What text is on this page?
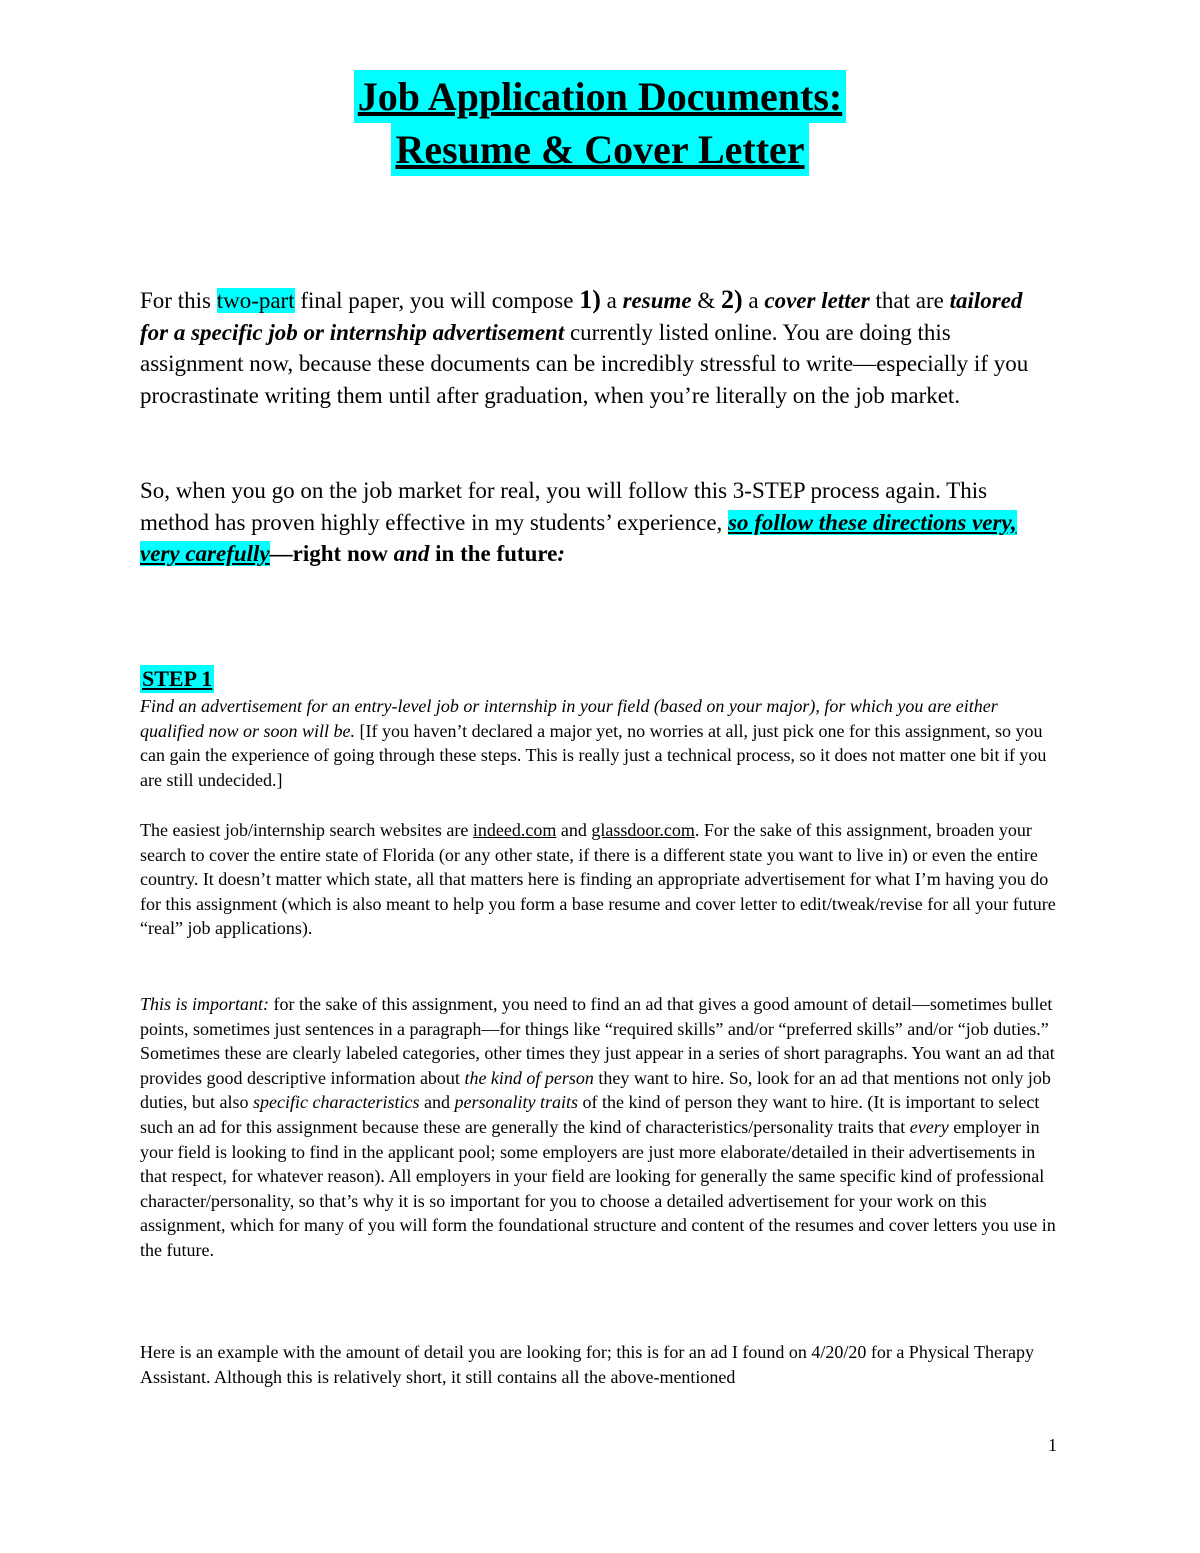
Job Application Documents:
Resume & Cover Letter

For this two-part final paper, you will compose 1) a resume & 2) a cover letter that are tailored for a specific job or internship advertisement currently listed online. You are doing this assignment now, because these documents can be incredibly stressful to write—especially if you procrastinate writing them until after graduation, when you’re literally on the job market.

So, when you go on the job market for real, you will follow this 3-STEP process again. This method has proven highly effective in my students’ experience, so follow these directions very, very carefully—right now and in the future:

STEP 1

Find an advertisement for an entry-level job or internship in your field (based on your major), for which you are either qualified now or soon will be. [If you haven’t declared a major yet, no worries at all, just pick one for this assignment, so you can gain the experience of going through these steps. This is really just a technical process, so it does not matter one bit if you are still undecided.]

The easiest job/internship search websites are indeed.com and glassdoor.com. For the sake of this assignment, broaden your search to cover the entire state of Florida (or any other state, if there is a different state you want to live in) or even the entire country. It doesn’t matter which state, all that matters here is finding an appropriate advertisement for what I’m having you do for this assignment (which is also meant to help you form a base resume and cover letter to edit/tweak/revise for all your future “real” job applications).

This is important: for the sake of this assignment, you need to find an ad that gives a good amount of detail—sometimes bullet points, sometimes just sentences in a paragraph—for things like “required skills” and/or “preferred skills” and/or “job duties.” Sometimes these are clearly labeled categories, other times they just appear in a series of short paragraphs. You want an ad that provides good descriptive information about the kind of person they want to hire. So, look for an ad that mentions not only job duties, but also specific characteristics and personality traits of the kind of person they want to hire. (It is important to select such an ad for this assignment because these are generally the kind of characteristics/personality traits that every employer in your field is looking to find in the applicant pool; some employers are just more elaborate/detailed in their advertisements in that respect, for whatever reason). All employers in your field are looking for generally the same specific kind of professional character/personality, so that’s why it is so important for you to choose a detailed advertisement for your work on this assignment, which for many of you will form the foundational structure and content of the resumes and cover letters you use in the future.

Here is an example with the amount of detail you are looking for; this is for an ad I found on 4/20/20 for a Physical Therapy Assistant. Although this is relatively short, it still contains all the above-mentioned

1
